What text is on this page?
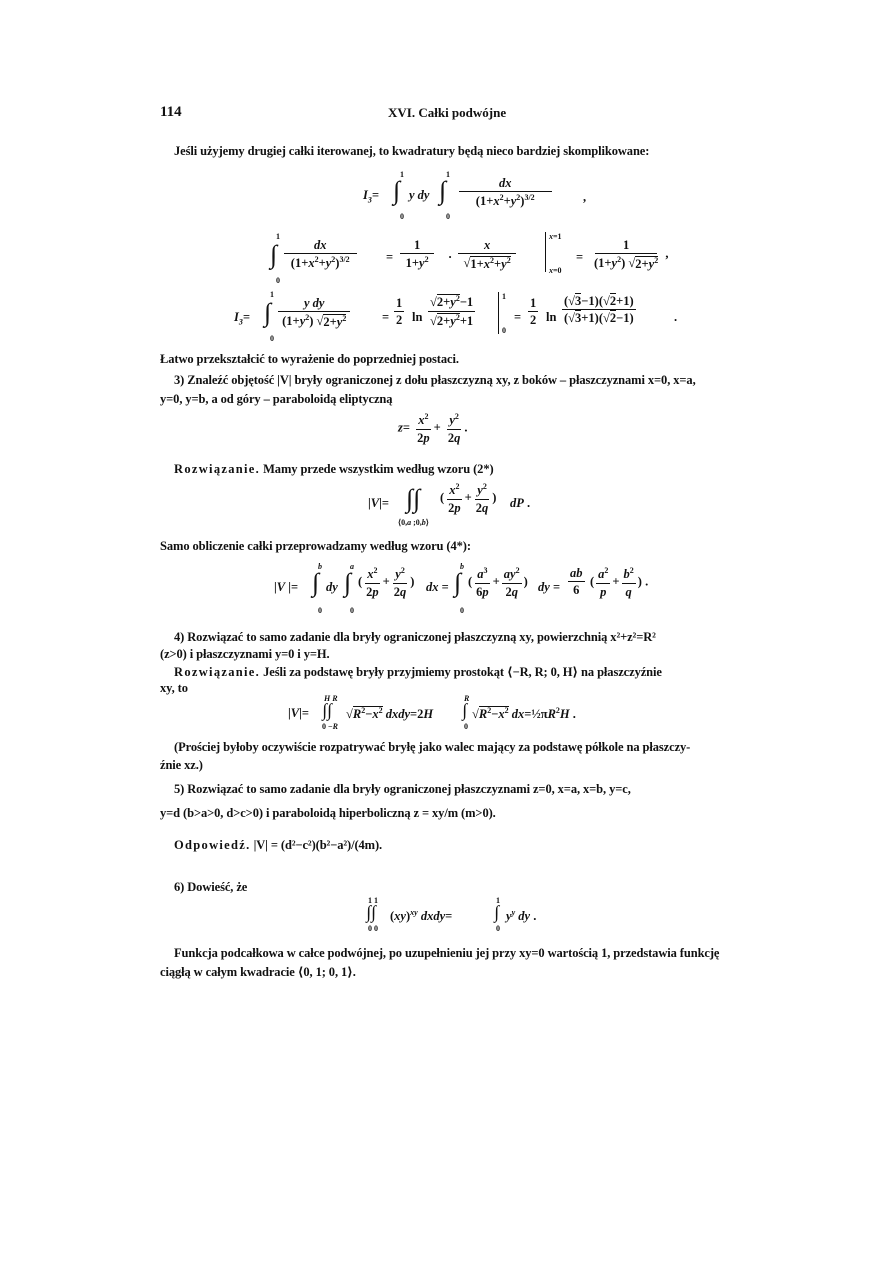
114	XVI. Całki podwójne
Jeśli użyjemy drugiej całki iterowanej, to kwadratury będą nieco bardziej skomplikowane:
$I_3=$ ∫
1
0
y dy ∫
1
0
$\frac{dx}{(1+x^2+y^2)^{3/2}}$	,
∫
1
0
$\frac{dx}{(1+x^2+y^2)^{3/2}} = \frac{1}{1+y^2} \cdot \frac{x}{√1+x^2+y^2}$
x=1
x=0
= $\frac{1}{(1+y^2) √2+y^2}$ ,
$I_3=$ ∫
1
0
$\frac{\text{y dy}}{(1+y^2) √2+y^2}$	= $\frac{1}{2}$ $\ln \frac{√2+y^2-1}{√2+y^2+1}$	1
0
= $\frac{1}{2}$ $\ln \frac{(√3-1)(√2+1)}{(√3+1)(√2-1)}$	.
Łatwo przekształcić to wyrażenie do poprzedniej postaci.
3) Znaleźć objętość |V| bryły ograniczonej z dołu płaszczyzną xy, z boków – płaszczyznami x=0, x=a,
y=0, y=b, a od góry – paraboloidą eliptyczną
$z= \frac{x^2}{2p} + \frac{y^2}{2q}$ .
Rozwiązanie. Mamy przede wszystkim według wzoru (2*)
|V|= ∫∫
⟨0,a ;0,b⟩
( $\frac{x^2}{2p} + \frac{y^2}{2q}$ ) dP .
Samo obliczenie całki przeprowadzamy według wzoru (4*):
|V |= ∫
b
0
dy ∫
a
0
( $\frac{x^2}{2p} + \frac{y^2}{2q}$ ) dx = ∫
b
0
( $\frac{a^3}{6p} + \frac{ay^2}{2q}$ ) dy = $\frac{ab}{6}$ ( $\frac{a^2}{p} + \frac{b^2}{q}$ ) .
4) Rozwiązać to samo zadanie dla bryły ograniczonej płaszczyzną xy, powierzchnią x²+z²=R²
(z>0) i płaszczyznami y=0 i y=H.
Rozwiązanie. Jeśli za podstawę bryły przyjmiemy prostokąt ⟨−R, R; 0, H⟩ na płaszczyźnie
xy, to
|V|= ∫∫
H R
0 −R
$√R^2-x^2$ dxdy=2H ∫
R
0
$√R^2-x^2$ $dx=\frac{1}{2}\pi R^2H$ .
(Prościej byłoby oczywiście rozpatrywać bryłę jako walec mający za podstawę półkole na płaszczy-
źnie xz.)
5) Rozwiązać to samo zadanie dla bryły ograniczonej płaszczyznami z=0, x=a, x=b, y=c,
y=d (b>a>0, d>c>0) i paraboloidą hiperboliczną z = xy/m (m>0).
Odpowiedź. |V| = (d²−c²)(b²−a²)/(4m).
6) Dowieść, że
∫∫
1 1
0 0
(xy)$^{xy}$ dxdy= ∫
1
0
$y^y$ dy .
Funkcja podcałkowa w całce podwójnej, po uzupełnieniu jej przy xy=0 wartością 1, przedstawia funkcję
ciągłą w całym kwadracie ⟨0, 1; 0, 1⟩.
